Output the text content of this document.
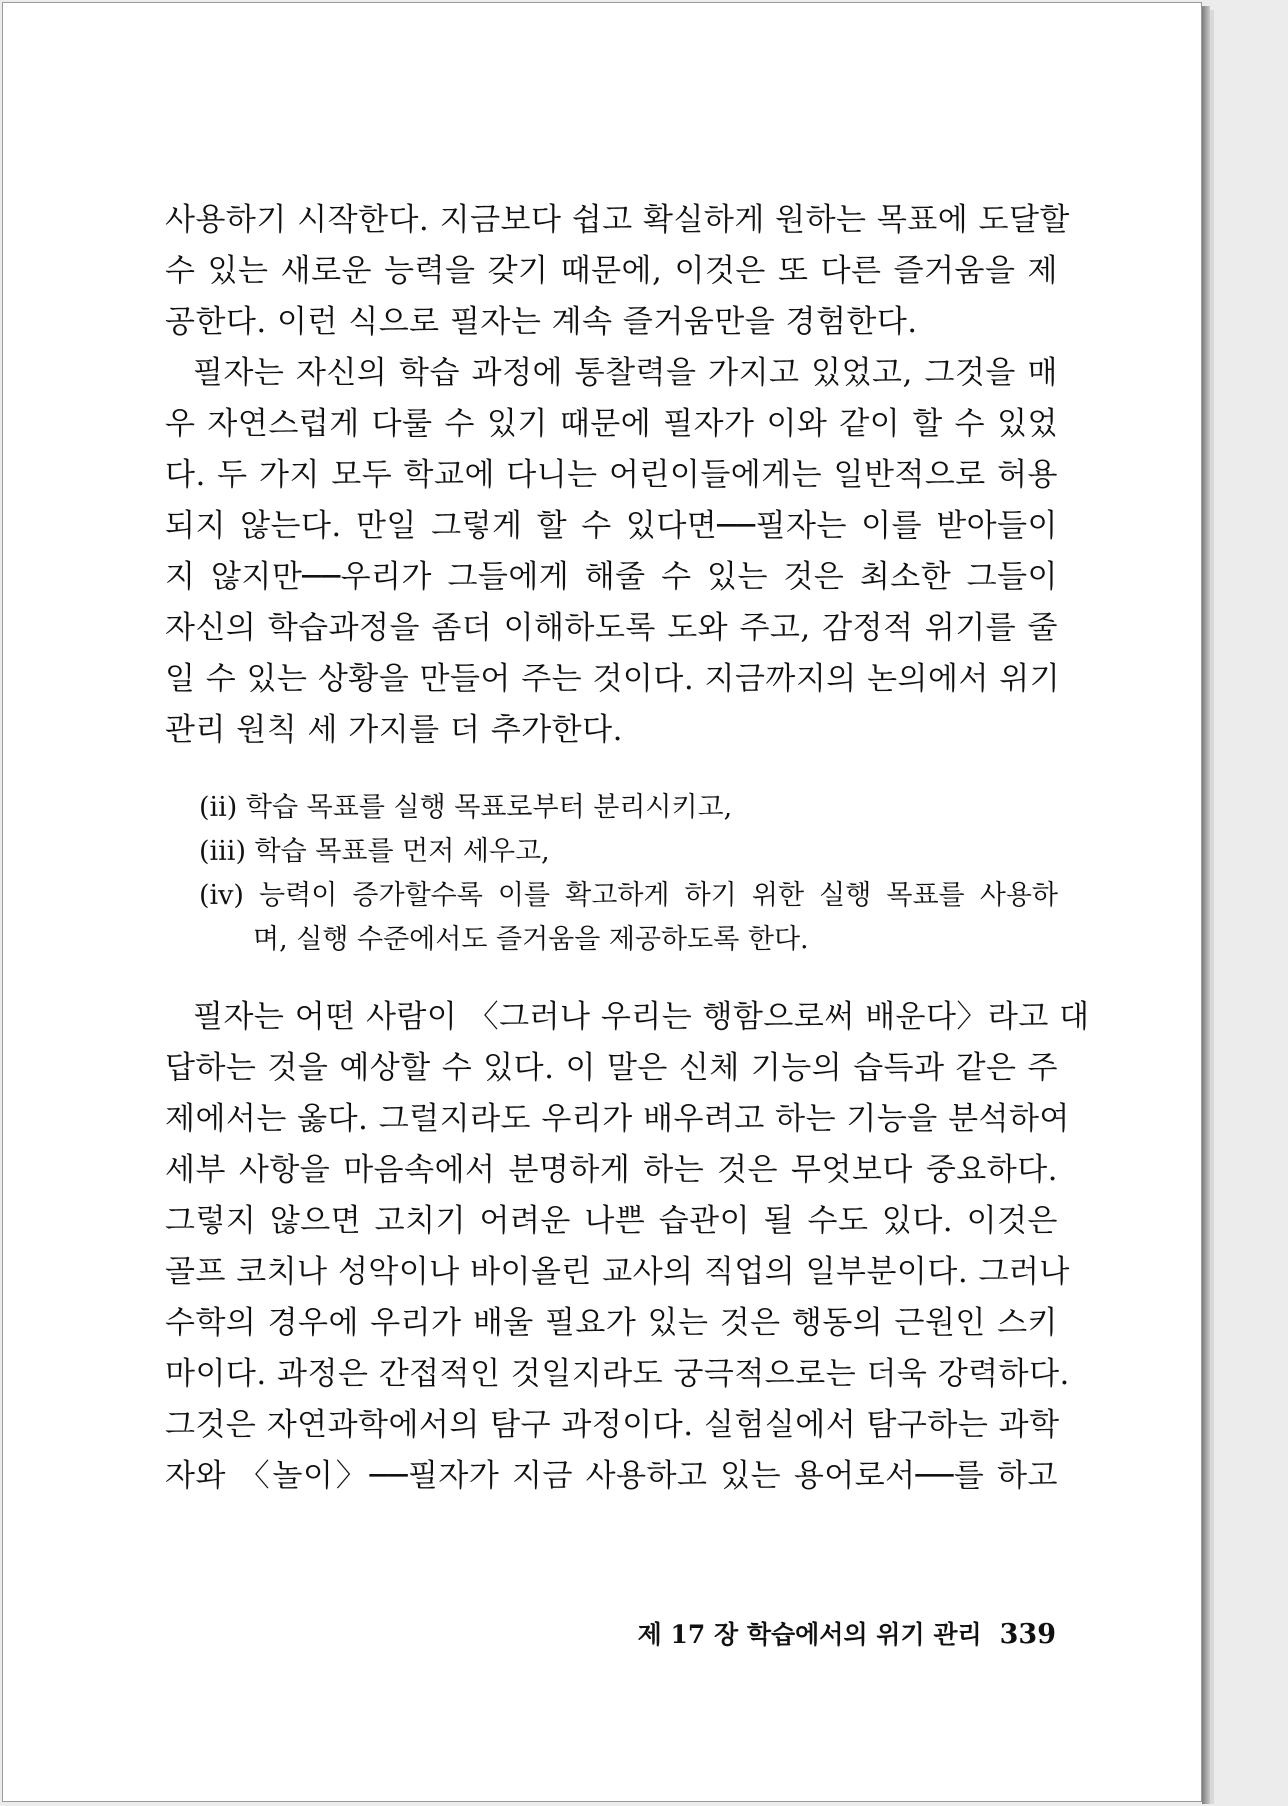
사용하기 시작한다. 지금보다 쉽고 확실하게 원하는 목표에 도달할

수 있는 새로운 능력을 갖기 때문에, 이것은 또 다른 즐거움을 제

공한다. 이런 식으로 필자는 계속 즐거움만을 경험한다.

필자는 자신의 학습 과정에 통찰력을 가지고 있었고, 그것을 매

우 자연스럽게 다룰 수 있기 때문에 필자가 이와 같이 할 수 있었

다. 두 가지 모두 학교에 다니는 어린이들에게는 일반적으로 허용

되지 않는다. 만일 그렇게 할 수 있다면──필자는 이를 받아들이

지 않지만──우리가 그들에게 해줄 수 있는 것은 최소한 그들이

자신의 학습과정을 좀더 이해하도록 도와 주고, 감정적 위기를 줄

일 수 있는 상황을 만들어 주는 것이다. 지금까지의 논의에서 위기

관리 원칙 세 가지를 더 추가한다.

(ii) 학습 목표를 실행 목표로부터 분리시키고,
(iii) 학습 목표를 먼저 세우고,
(iv) 능력이 증가할수록 이를 확고하게 하기 위한 실행 목표를 사용하
며, 실행 수준에서도 즐거움을 제공하도록 한다.

필자는 어떤 사람이 〈그러나 우리는 행함으로써 배운다〉라고 대

답하는 것을 예상할 수 있다. 이 말은 신체 기능의 습득과 같은 주

제에서는 옳다. 그럴지라도 우리가 배우려고 하는 기능을 분석하여

세부 사항을 마음속에서 분명하게 하는 것은 무엇보다 중요하다.

그렇지 않으면 고치기 어려운 나쁜 습관이 될 수도 있다. 이것은

골프 코치나 성악이나 바이올린 교사의 직업의 일부분이다. 그러나

수학의 경우에 우리가 배울 필요가 있는 것은 행동의 근원인 스키

마이다. 과정은 간접적인 것일지라도 궁극적으로는 더욱 강력하다.

그것은 자연과학에서의 탐구 과정이다. 실험실에서 탐구하는 과학

자와 〈놀이〉──필자가 지금 사용하고 있는 용어로서──를 하고

제 17 장 학습에서의 위기 관리 339
